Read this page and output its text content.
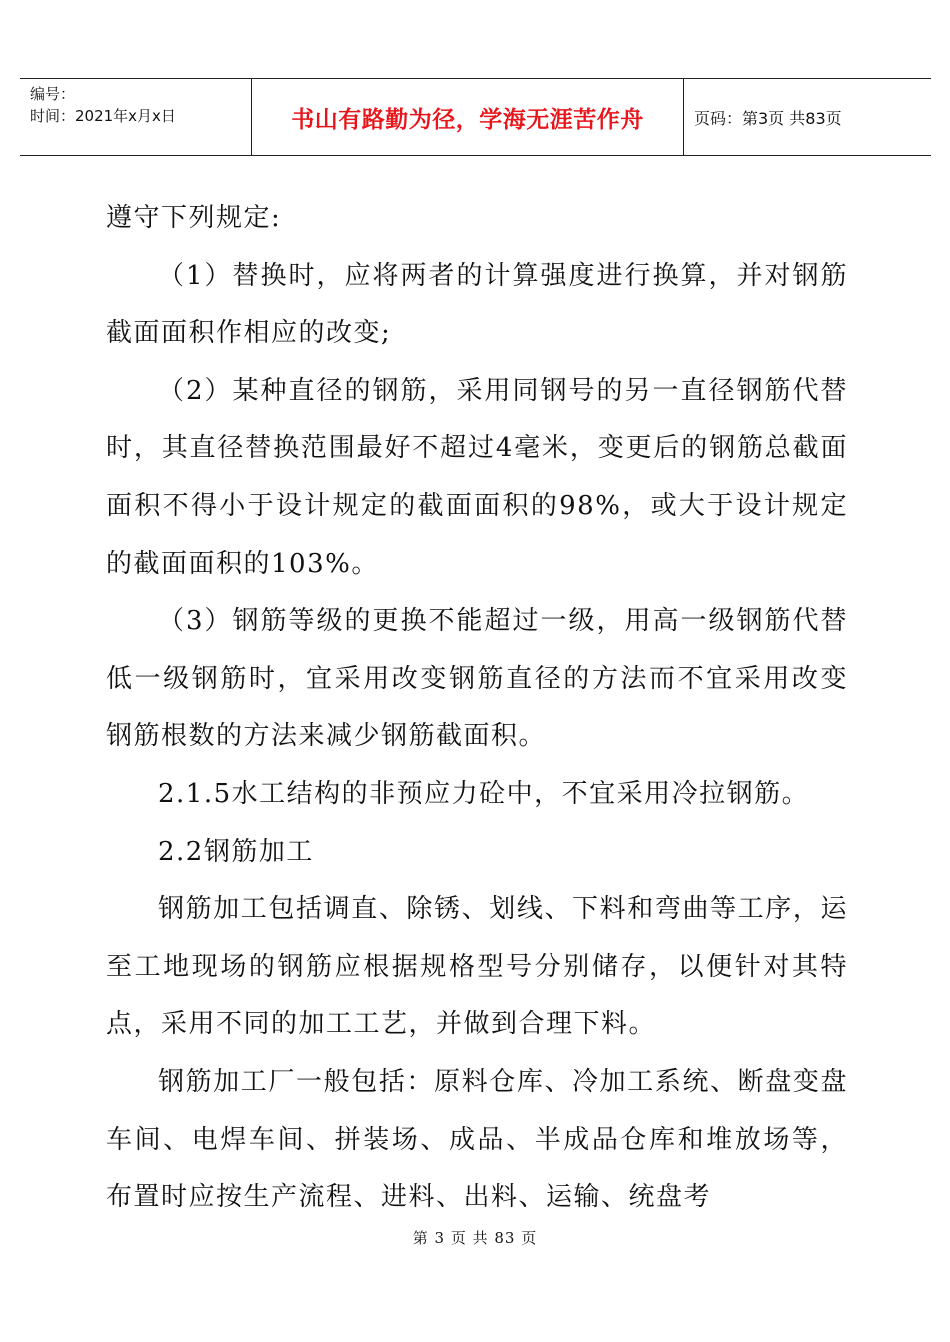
编号：
时间：2021年x月x日	书山有路勤为径，学海无涯苦作舟	页码：第3页 共83页

遵守下列规定:

（1）替换时，应将两者的计算强度进行换算，并对钢筋截面面积作相应的改变;

（2）某种直径的钢筋，采用同钢号的另一直径钢筋代替时，其直径替换范围最好不超过4毫米，变更后的钢筋总截面面积不得小于设计规定的截面面积的98%，或大于设计规定的截面面积的103%。

（3）钢筋等级的更换不能超过一级，用高一级钢筋代替低一级钢筋时，宜采用改变钢筋直径的方法而不宜采用改变钢筋根数的方法来减少钢筋截面积。

2.1.5水工结构的非预应力砼中，不宜采用冷拉钢筋。

2.2钢筋加工

钢筋加工包括调直、除锈、划线、下料和弯曲等工序，运至工地现场的钢筋应根据规格型号分别储存，以便针对其特点，采用不同的加工工艺，并做到合理下料。

钢筋加工厂一般包括：原料仓库、冷加工系统、断盘变盘车间、电焊车间、拼装场、成品、半成品仓库和堆放场等，布置时应按生产流程、进料、出料、运输、统盘考

第 3 页 共 83 页
